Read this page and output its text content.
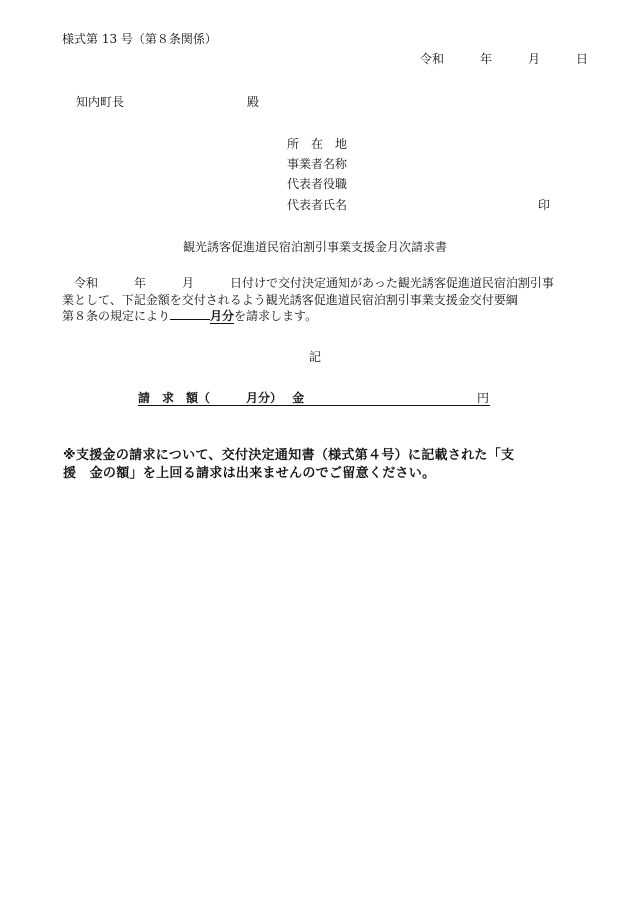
様式第 13 号（第８条関係）
令和　　　年　　　月　　　日
知内町長	殿
所　在　地
事業者名称
代表者役職
代表者氏名	印
観光誘客促進道民宿泊割引事業支援金月次請求書
　令和　　　年　　　月　　　日付けで交付決定通知があった観光誘客促進道民宿泊割引事
業として、下記金額を交付されるよう観光誘客促進道民宿泊割引事業支援金交付要綱
第８条の規定により	月分を請求します。
記
請　求　額（　　　月分）　 金	円
※支援金の請求について、交付決定通知書（様式第４号）に記載された「支
援　金の額」を上回る請求は出来ませんのでご留意ください。
